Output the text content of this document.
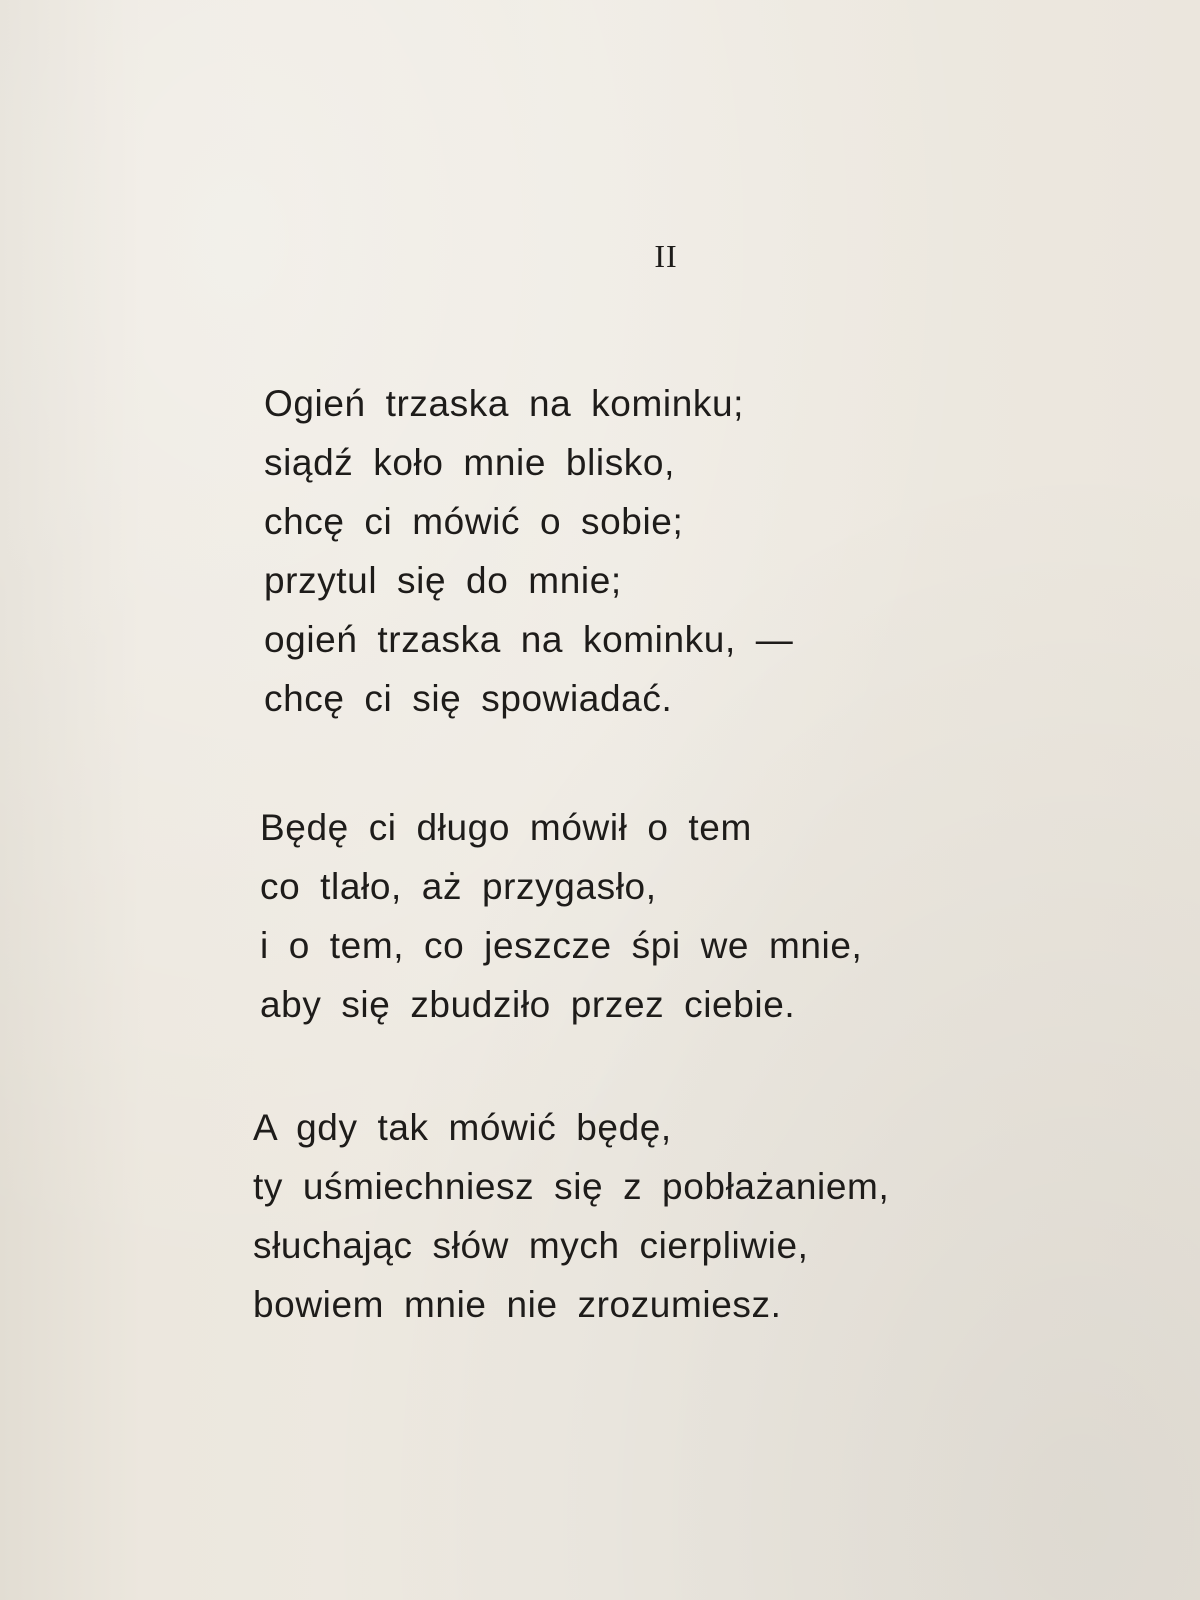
II
Ogień trzaska na kominku;
siądź koło mnie blisko,
chcę ci mówić o sobie;
przytul się do mnie;
ogień trzaska na kominku, —
chcę ci się spowiadać.
Będę ci długo mówił o tem
co tlało, aż przygasło,
i o tem, co jeszcze śpi we mnie,
aby się zbudziło przez ciebie.
A gdy tak mówić będę,
ty uśmiechniesz się z pobłażaniem,
słuchając słów mych cierpliwie,
bowiem mnie nie zrozumiesz.
